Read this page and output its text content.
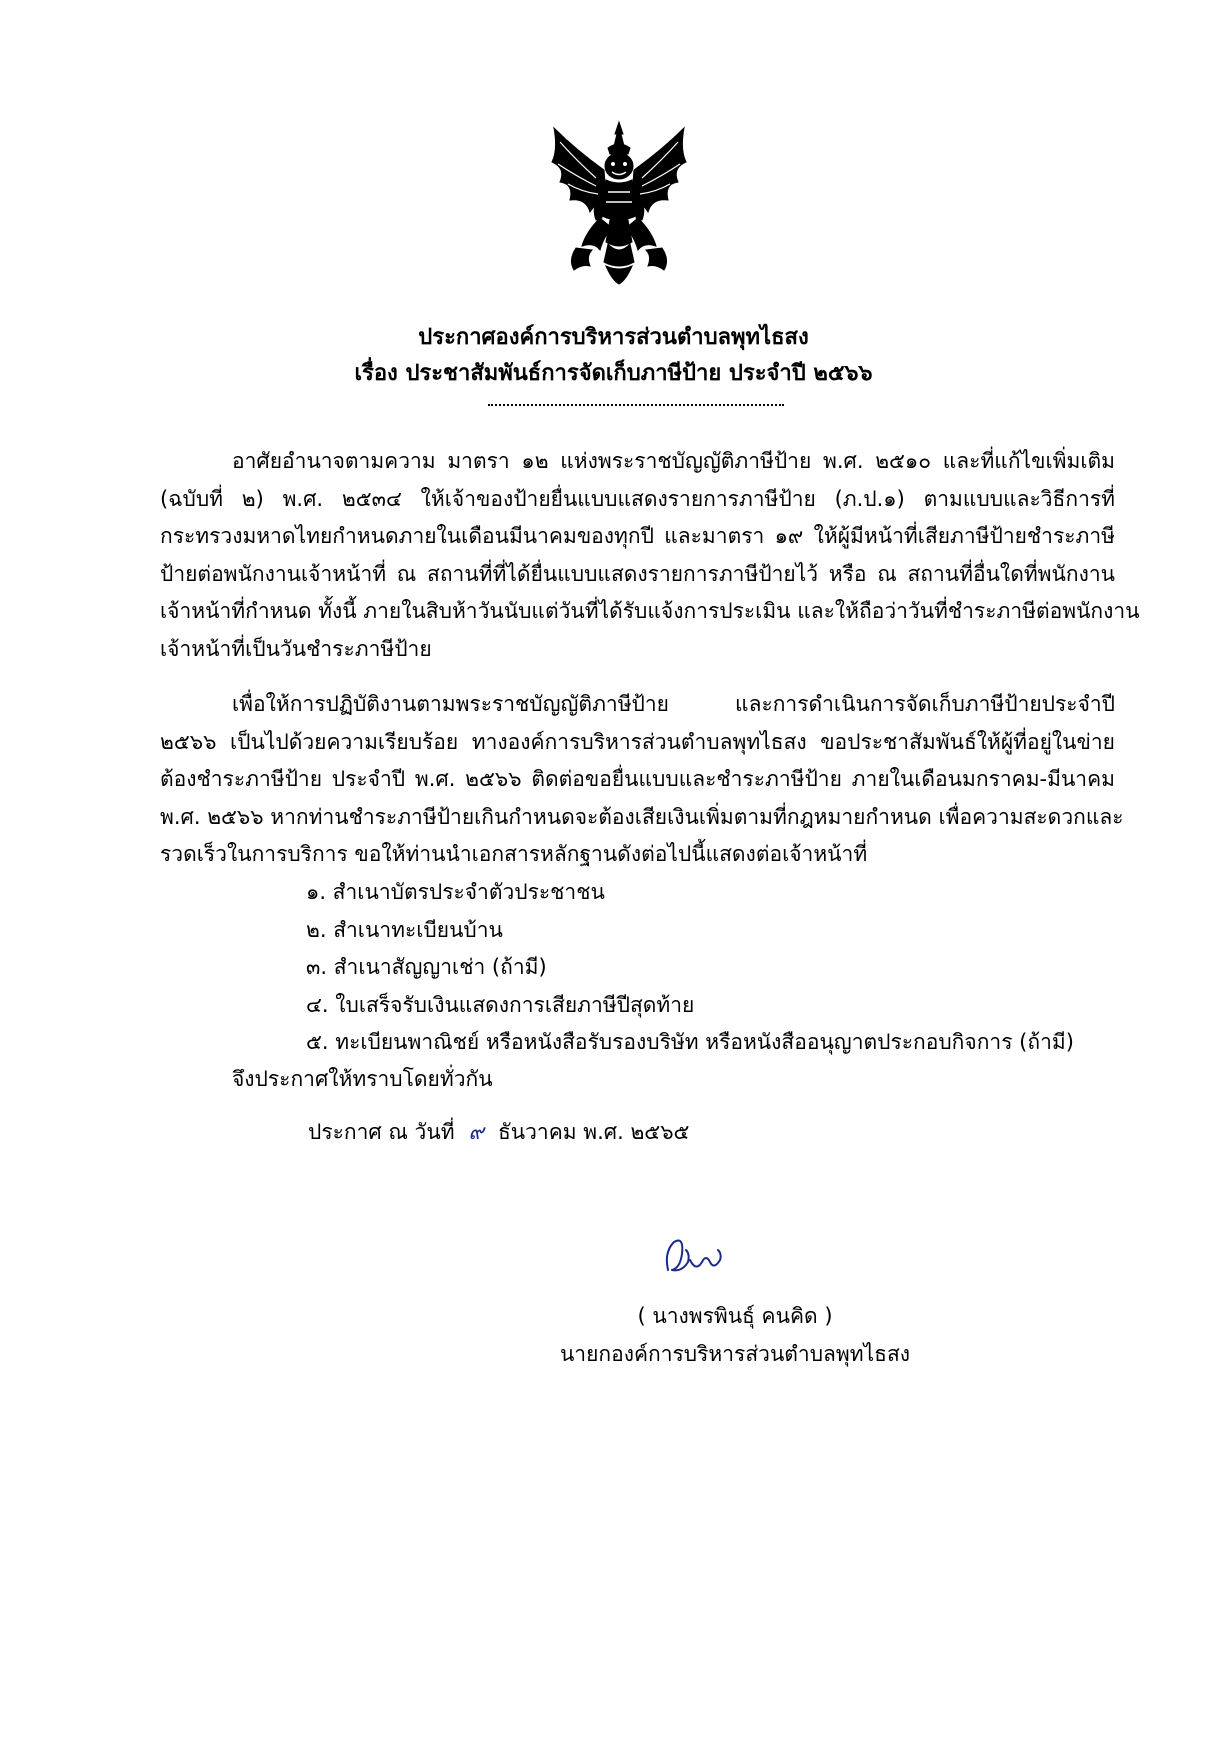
ประกาศองค์การบริหารส่วนตำบลพุทไธสง
เรื่อง ประชาสัมพันธ์การจัดเก็บภาษีป้าย ประจำปี ๒๕๖๖
อาศัยอำนาจตามความ มาตรา ๑๒ แห่งพระราชบัญญัติภาษีป้าย พ.ศ. ๒๕๑๐ และที่แก้ไขเพิ่มเติม
(ฉบับที่ ๒) พ.ศ. ๒๕๓๔ ให้เจ้าของป้ายยื่นแบบแสดงรายการภาษีป้าย (ภ.ป.๑) ตามแบบและวิธีการที่
กระทรวงมหาดไทยกำหนดภายในเดือนมีนาคมของทุกปี และมาตรา ๑๙ ให้ผู้มีหน้าที่เสียภาษีป้ายชำระภาษี
ป้ายต่อพนักงานเจ้าหน้าที่ ณ สถานที่ที่ได้ยื่นแบบแสดงรายการภาษีป้ายไว้ หรือ ณ สถานที่อื่นใดที่พนักงาน
เจ้าหน้าที่กำหนด ทั้งนี้ ภายในสิบห้าวันนับแต่วันที่ได้รับแจ้งการประเมิน และให้ถือว่าวันที่ชำระภาษีต่อพนักงาน
เจ้าหน้าที่เป็นวันชำระภาษีป้าย
เพื่อให้การปฏิบัติงานตามพระราชบัญญัติภาษีป้าย และการดำเนินการจัดเก็บภาษีป้ายประจำปี
๒๕๖๖ เป็นไปด้วยความเรียบร้อย ทางองค์การบริหารส่วนตำบลพุทไธสง ขอประชาสัมพันธ์ให้ผู้ที่อยู่ในข่าย
ต้องชำระภาษีป้าย ประจำปี พ.ศ. ๒๕๖๖ ติดต่อขอยื่นแบบและชำระภาษีป้าย ภายในเดือนมกราคม-มีนาคม
พ.ศ. ๒๕๖๖ หากท่านชำระภาษีป้ายเกินกำหนดจะต้องเสียเงินเพิ่มตามที่กฎหมายกำหนด เพื่อความสะดวกและ
รวดเร็วในการบริการ ขอให้ท่านนำเอกสารหลักฐานดังต่อไปนี้แสดงต่อเจ้าหน้าที่
๑. สำเนาบัตรประจำตัวประชาชน
๒. สำเนาทะเบียนบ้าน
๓. สำเนาสัญญาเช่า (ถ้ามี)
๔. ใบเสร็จรับเงินแสดงการเสียภาษีปีสุดท้าย
๕. ทะเบียนพาณิชย์ หรือหนังสือรับรองบริษัท หรือหนังสืออนุญาตประกอบกิจการ (ถ้ามี)
จึงประกาศให้ทราบโดยทั่วกัน
ประกาศ ณ วันที่ ๙ ธันวาคม พ.ศ. ๒๕๖๕
( นางพรพินธุ์ คนคิด )
นายกองค์การบริหารส่วนตำบลพุทไธสง
